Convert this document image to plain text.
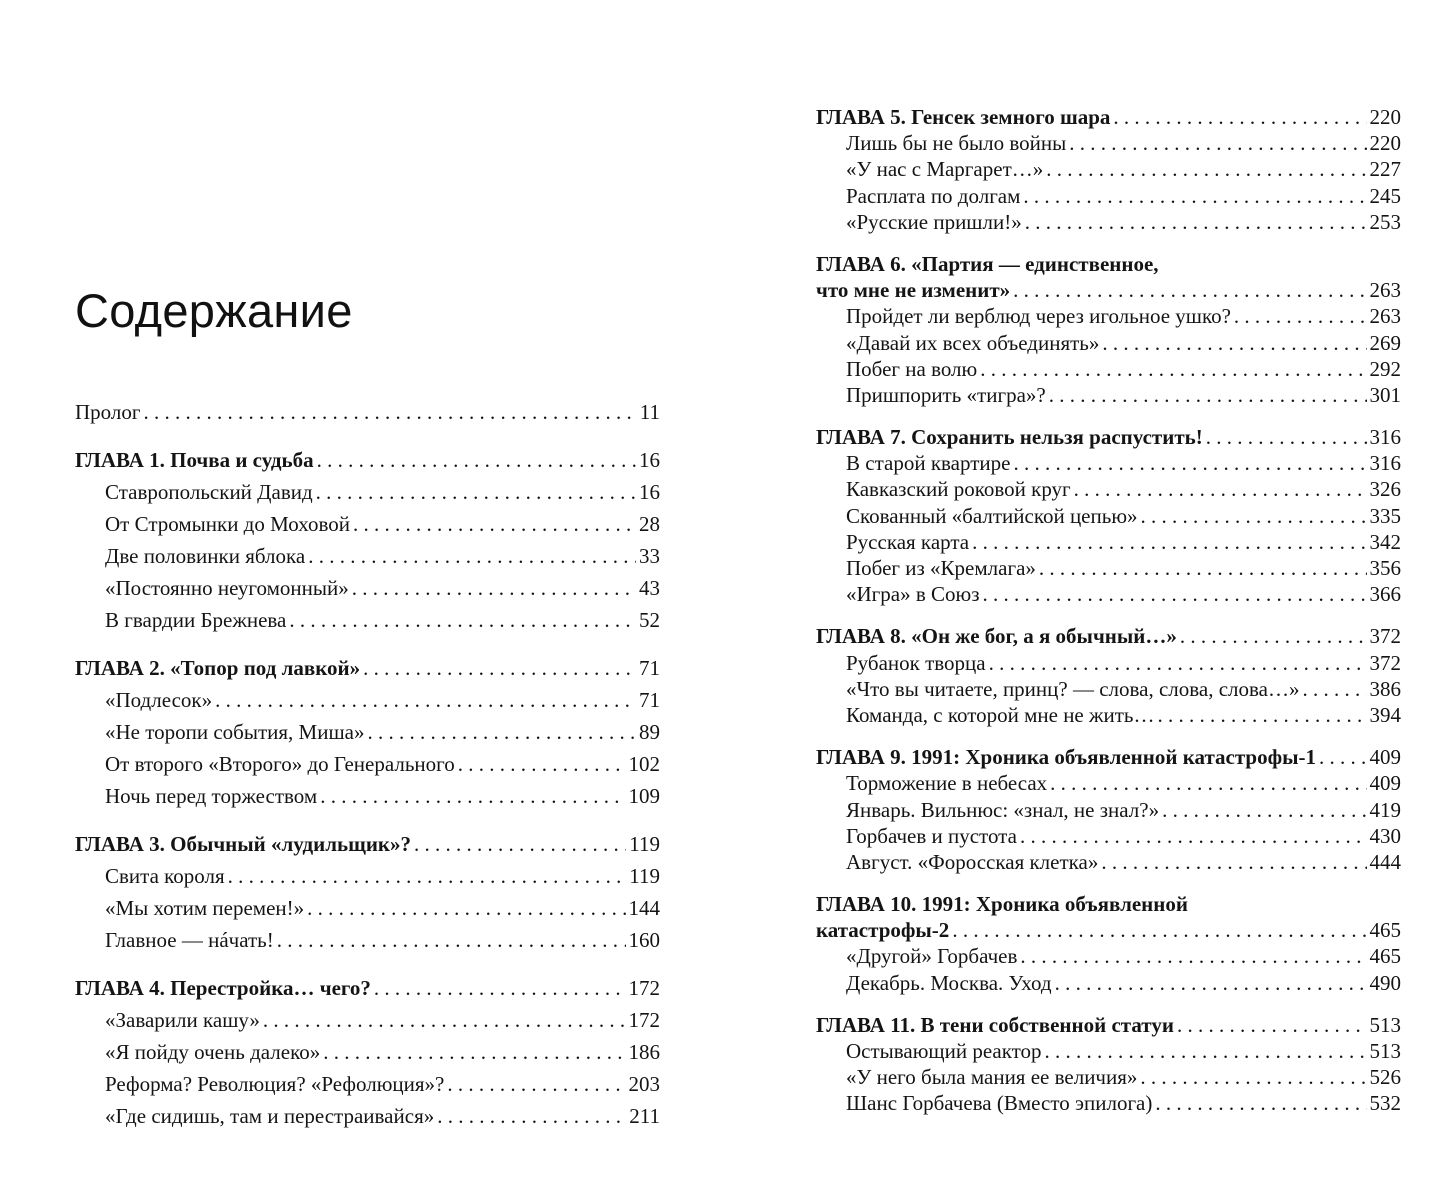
Содержание
Пролог . . .	11
ГЛАВА 1. Почва и судьба . . .	16
Ставропольский Давид . . .	16
От Стромынки до Моховой . . .	28
Две половинки яблока . . .	33
«Постоянно неугомонный» . . .	43
В гвардии Брежнева . . .	52
ГЛАВА 2. «Топор под лавкой» . . .	71
«Подлесок» . . .	71
«Не торопи события, Миша» . . .	89
От второго «Второго» до Генерального . . .	102
Ночь перед торжеством . . .	109
ГЛАВА 3. Обычный «лудильщик»? . . .	119
Свита короля . . .	119
«Мы хотим перемен!» . . .	144
Главное — нáчать! . . .	160
ГЛАВА 4. Перестройка… чего? . . .	172
«Заварили кашу» . . .	172
«Я пойду очень далеко» . . .	186
Реформа? Революция? «Рефолюция»? . . .	203
«Где сидишь, там и перестраивайся» . . .	211
ГЛАВА 5. Генсек земного шара . . .	220
Лишь бы не было войны . . .	220
«У нас с Маргарет…» . . .	227
Расплата по долгам . . .	245
«Русские пришли!» . . .	253
ГЛАВА 6. «Партия — единственное,
что мне не изменит» . . .	263
Пройдет ли верблюд через игольное ушко? . . .	263
«Давай их всех объединять» . . .	269
Побег на волю . . .	292
Пришпорить «тигра»? . . .	301
ГЛАВА 7. Сохранить нельзя распустить! . . .	316
В старой квартире . . .	316
Кавказский роковой круг . . .	326
Скованный «балтийской цепью» . . .	335
Русская карта . . .	342
Побег из «Кремлага» . . .	356
«Игра» в Союз . . .	366
ГЛАВА 8. «Он же бог, а я обычный…» . . .	372
Рубанок творца . . .	372
«Что вы читаете, принц? — слова, слова, слова…» . . .	386
Команда, с которой мне не жить… . . .	394
ГЛАВА 9. 1991: Хроника объявленной катастрофы-1 . . .	409
Торможение в небесах . . .	409
Январь. Вильнюс: «знал, не знал?» . . .	419
Горбачев и пустота . . .	430
Август. «Форосская клетка» . . .	444
ГЛАВА 10. 1991: Хроника объявленной
катастрофы-2 . . .	465
«Другой» Горбачев . . .	465
Декабрь. Москва. Уход . . .	490
ГЛАВА 11. В тени собственной статуи . . .	513
Остывающий реактор . . .	513
«У него была мания ее величия» . . .	526
Шанс Горбачева (Вместо эпилога) . . .	532
